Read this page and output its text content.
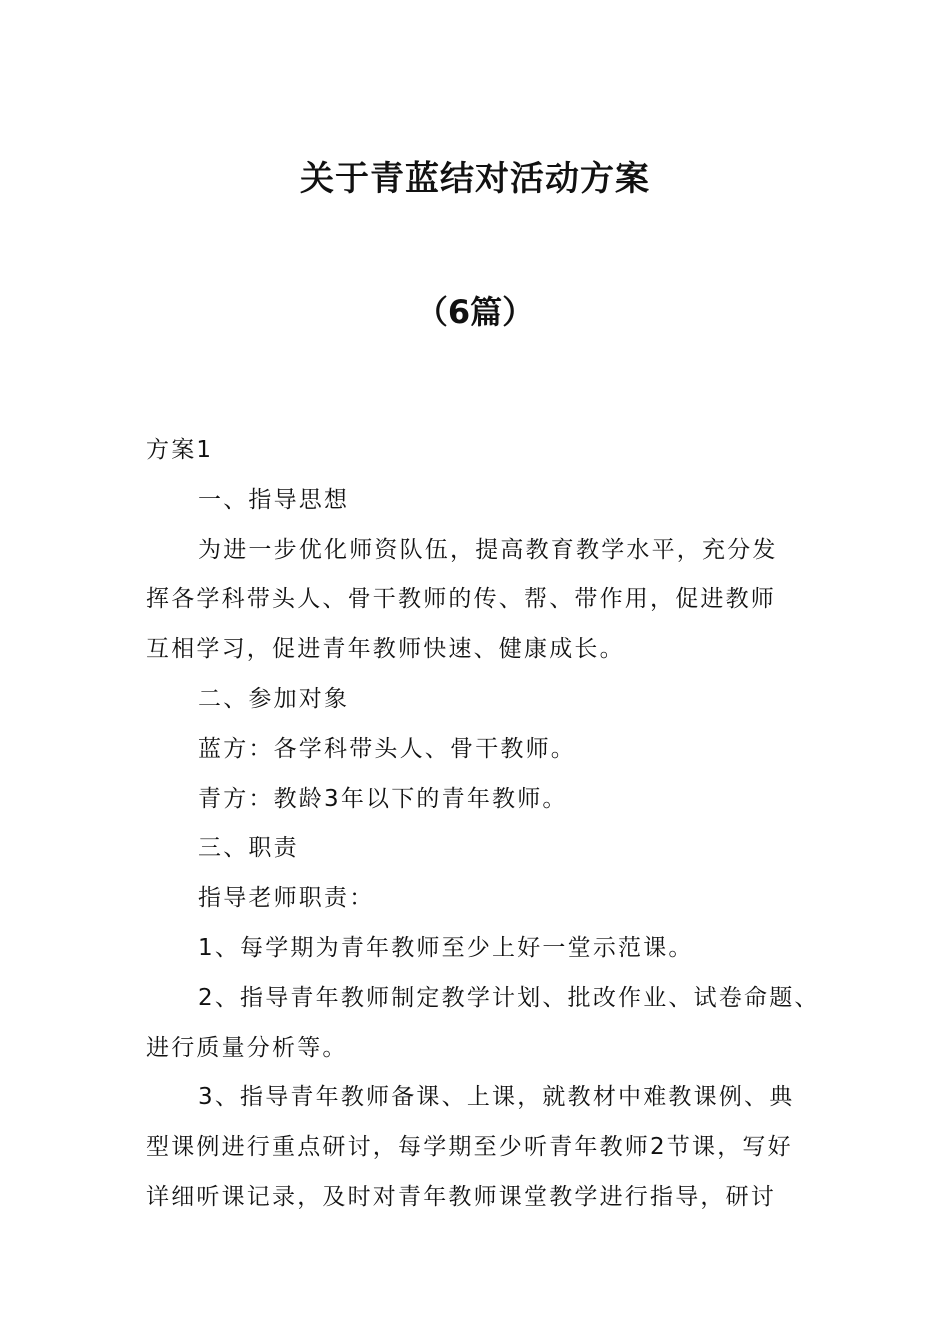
关于青蓝结对活动方案
（6篇）

方案1

一、指导思想

为进一步优化师资队伍，提高教育教学水平，充分发

挥各学科带头人、骨干教师的传、帮、带作用，促进教师

互相学习，促进青年教师快速、健康成长。

二、参加对象

蓝方：各学科带头人、骨干教师。

青方：教龄3年以下的青年教师。

三、职责

指导老师职责：

1、每学期为青年教师至少上好一堂示范课。

2、指导青年教师制定教学计划、批改作业、试卷命题、

进行质量分析等。

3、指导青年教师备课、上课，就教材中难教课例、典

型课例进行重点研讨，每学期至少听青年教师2节课，写好

详细听课记录，及时对青年教师课堂教学进行指导，研讨
